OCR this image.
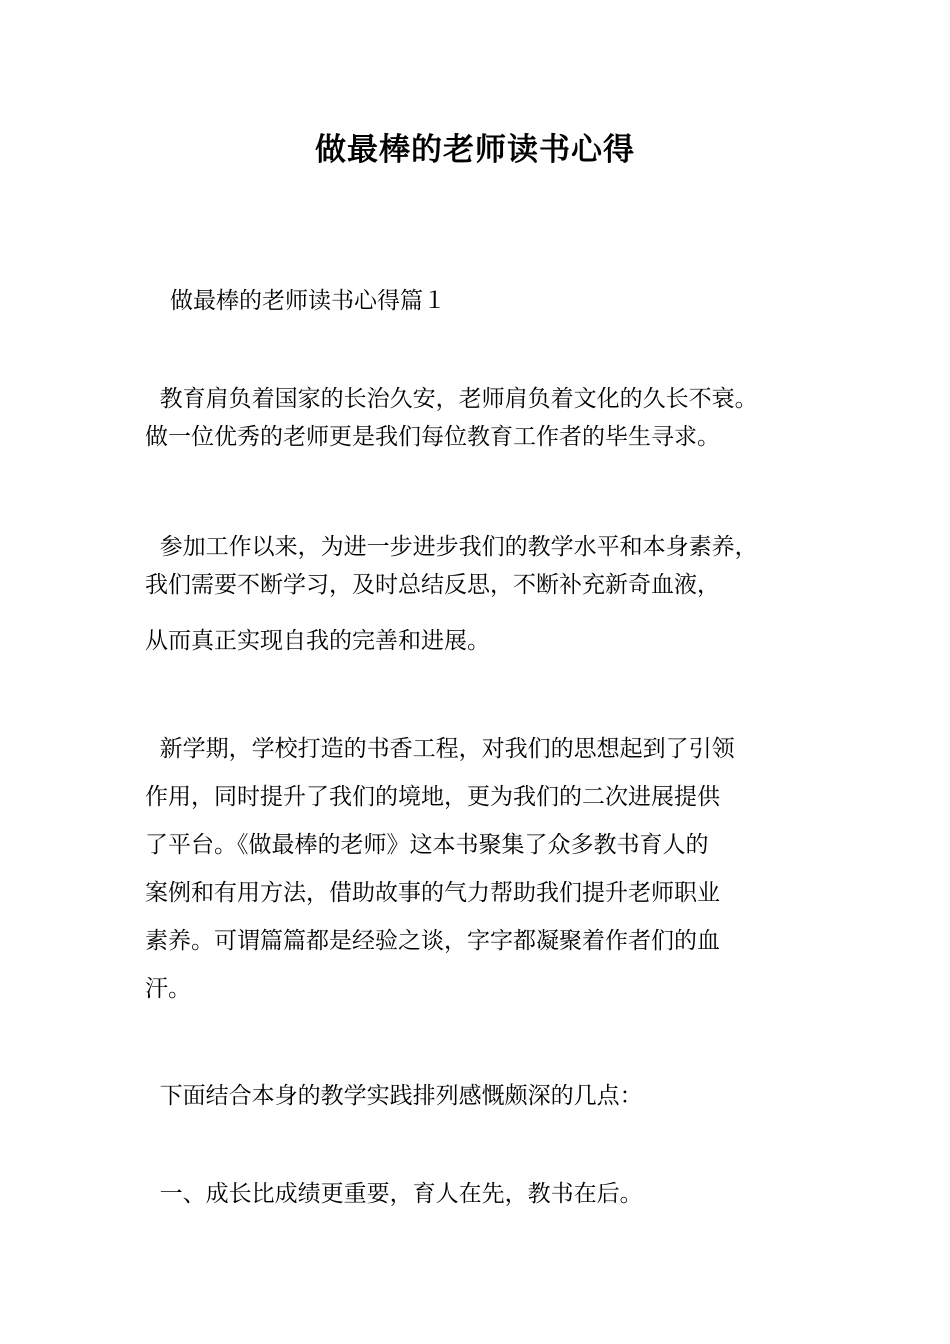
做最棒的老师读书心得
做最棒的老师读书心得篇１
教育肩负着国家的长治久安，老师肩负着文化的久长不衰。
做一位优秀的老师更是我们每位教育工作者的毕生寻求。
参加工作以来，为进一步进步我们的教学水平和本身素养，
我们需要不断学习，及时总结反思，不断补充新奇血液，
从而真正实现自我的完善和进展。
新学期，学校打造的书香工程，对我们的思想起到了引领
作用，同时提升了我们的境地，更为我们的二次进展提供
了平台。《做最棒的老师》这本书聚集了众多教书育人的
案例和有用方法，借助故事的气力帮助我们提升老师职业
素养。可谓篇篇都是经验之谈，字字都凝聚着作者们的血
汗。
下面结合本身的教学实践排列感慨颇深的几点：
一、成长比成绩更重要，育人在先，教书在后。
